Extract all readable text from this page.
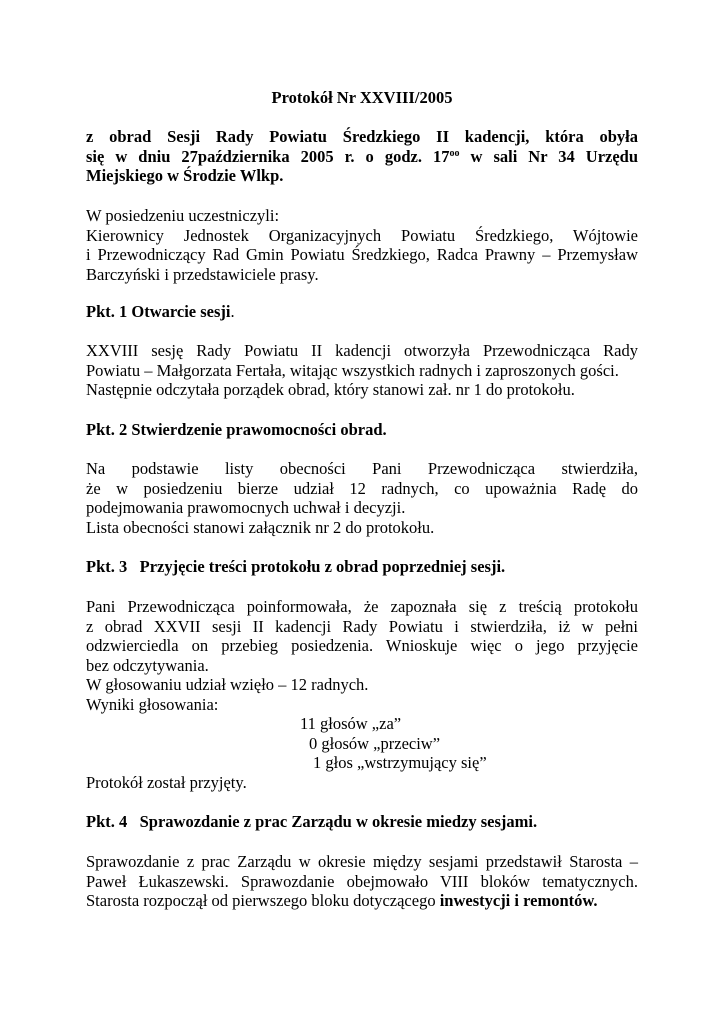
Protokół Nr XXVIII/2005
z obrad Sesji Rady Powiatu Średzkiego II kadencji, która obyła
się w dniu 27października 2005 r. o godz. $17^{oo}$ w sali Nr 34 Urzędu
Miejskiego w Środzie Wlkp.
W posiedzeniu uczestniczyli:
Kierownicy Jednostek Organizacyjnych Powiatu Średzkiego, Wójtowie
i Przewodniczący Rad Gmin Powiatu Średzkiego, Radca Prawny – Przemysław
Barczyński i przedstawiciele prasy.
Pkt. 1 Otwarcie sesji.
XXVIII sesję Rady Powiatu II kadencji otworzyła Przewodnicząca Rady
Powiatu – Małgorzata Fertała, witając wszystkich radnych i zaproszonych gości.
Następnie odczytała porządek obrad, który stanowi zał. nr 1 do protokołu.
Pkt. 2 Stwierdzenie prawomocności obrad.
Na podstawie listy obecności Pani Przewodnicząca stwierdziła,
że w posiedzeniu bierze udział 12 radnych, co upoważnia Radę do
podejmowania prawomocnych uchwał i decyzji.
Lista obecności stanowi załącznik nr 2 do protokołu.
Pkt. 3   Przyjęcie treści protokołu z obrad poprzedniej sesji.
Pani Przewodnicząca poinformowała, że zapoznała się z treścią protokołu
z obrad XXVII sesji II kadencji Rady Powiatu i stwierdziła, iż w pełni
odzwierciedla on przebieg posiedzenia. Wnioskuje więc o jego przyjęcie
bez odczytywania.
W głosowaniu udział wzięło – 12 radnych.
Wyniki głosowania:
11 głosów „za”
0 głosów „przeciw”
1 głos „wstrzymujący się”
Protokół został przyjęty.
Pkt. 4   Sprawozdanie z prac Zarządu w okresie miedzy sesjami.
Sprawozdanie z prac Zarządu w okresie między sesjami przedstawił Starosta –
Paweł Łukaszewski. Sprawozdanie obejmowało VIII bloków tematycznych.
Starosta rozpoczął od pierwszego bloku dotyczącego inwestycji i remontów.
